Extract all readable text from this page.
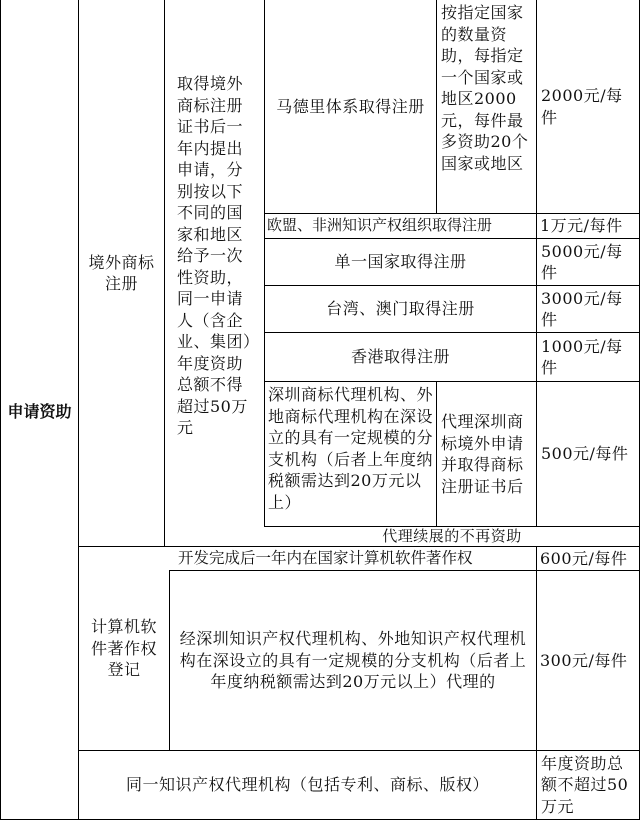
申请资助
境外商标注册
取得境外商标注册证书后一年内提出申请，分别按以下不同的国家和地区给予一次性资助，同一申请人（含企业、集团）年度资助总额不得超过50万元
马德里体系取得注册
按指定国家的数量资助，每指定一个国家或地区2000元，每件最多资助20个国家或地区
2000元/每件
欧盟、非洲知识产权组织取得注册	1万元/每件
单一国家取得注册
5000元/每件
台湾、澳门取得注册
3000元/每件
香港取得注册
1000元/每件
深圳商标代理机构、外地商标代理机构在深设立的具有一定规模的分支机构（后者上年度纳税额需达到20万元以上）
代理深圳商标境外申请并取得商标注册证书后
500元/每件
代理续展的不再资助
计算机软件著作权登记
开发完成后一年内在国家计算机软件著作权	600元/每件
经深圳知识产权代理机构、外地知识产权代理机构在深设立的具有一定规模的分支机构（后者上年度纳税额需达到20万元以上）代理的
300元/每件
同一知识产权代理机构（包括专利、商标、版权）
年度资助总额不超过50万元
